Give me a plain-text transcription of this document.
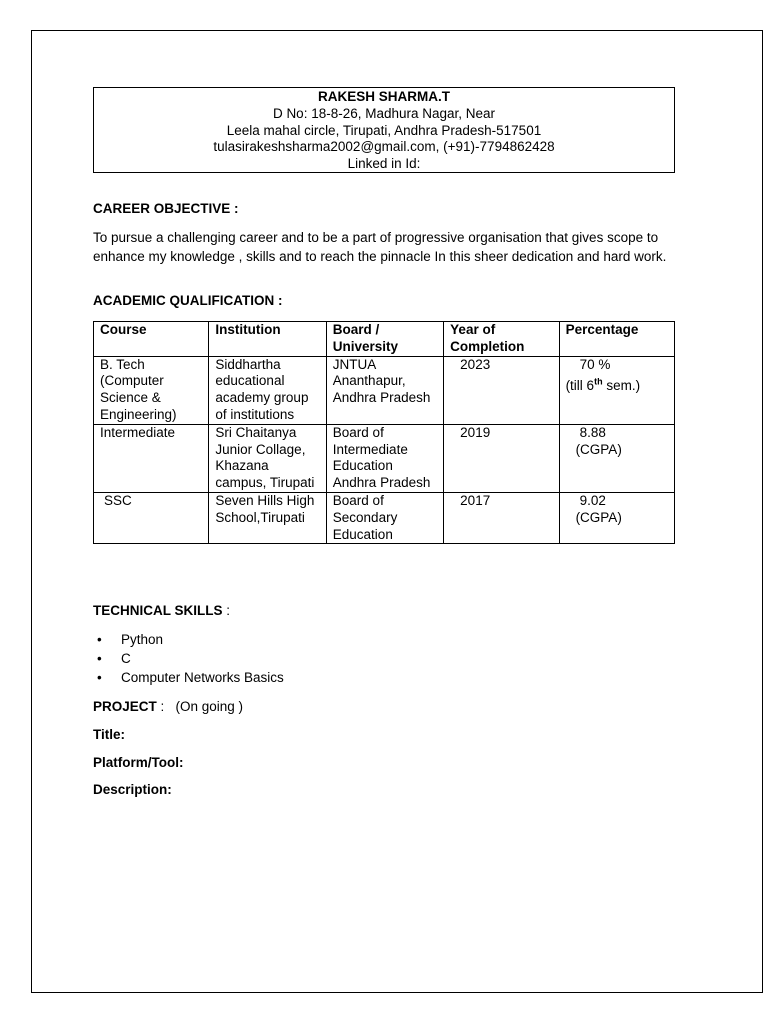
RAKESH SHARMA.T
D No: 18-8-26, Madhura Nagar, Near
Leela mahal circle, Tirupati, Andhra Pradesh-517501
tulasirakeshsharma2002@gmail.com, (+91)-7794862428
Linked in Id:
CAREER OBJECTIVE :
To pursue a challenging career and to be a part of progressive organisation that gives scope to enhance my knowledge , skills and to reach the pinnacle In this sheer dedication and hard work.
ACADEMIC QUALIFICATION :
Course	Institution	Board / University	Year of Completion	Percentage
B. Tech (Computer Science & Engineering)	Siddhartha educational academy group of institutions	JNTUA Ananthapur, Andhra Pradesh	2023	70 %
(till 6th sem.)
Intermediate	Sri Chaitanya Junior Collage, Khazana campus, Tirupati	Board of Intermediate Education Andhra Pradesh	2019	8.88
(CGPA)
SSC	Seven Hills High School,Tirupati	Board of Secondary Education	2017	9.02
(CGPA)
TECHNICAL SKILLS :
• Python
• C
• Computer Networks Basics
PROJECT :   (On going )
Title:
Platform/Tool:
Description:
